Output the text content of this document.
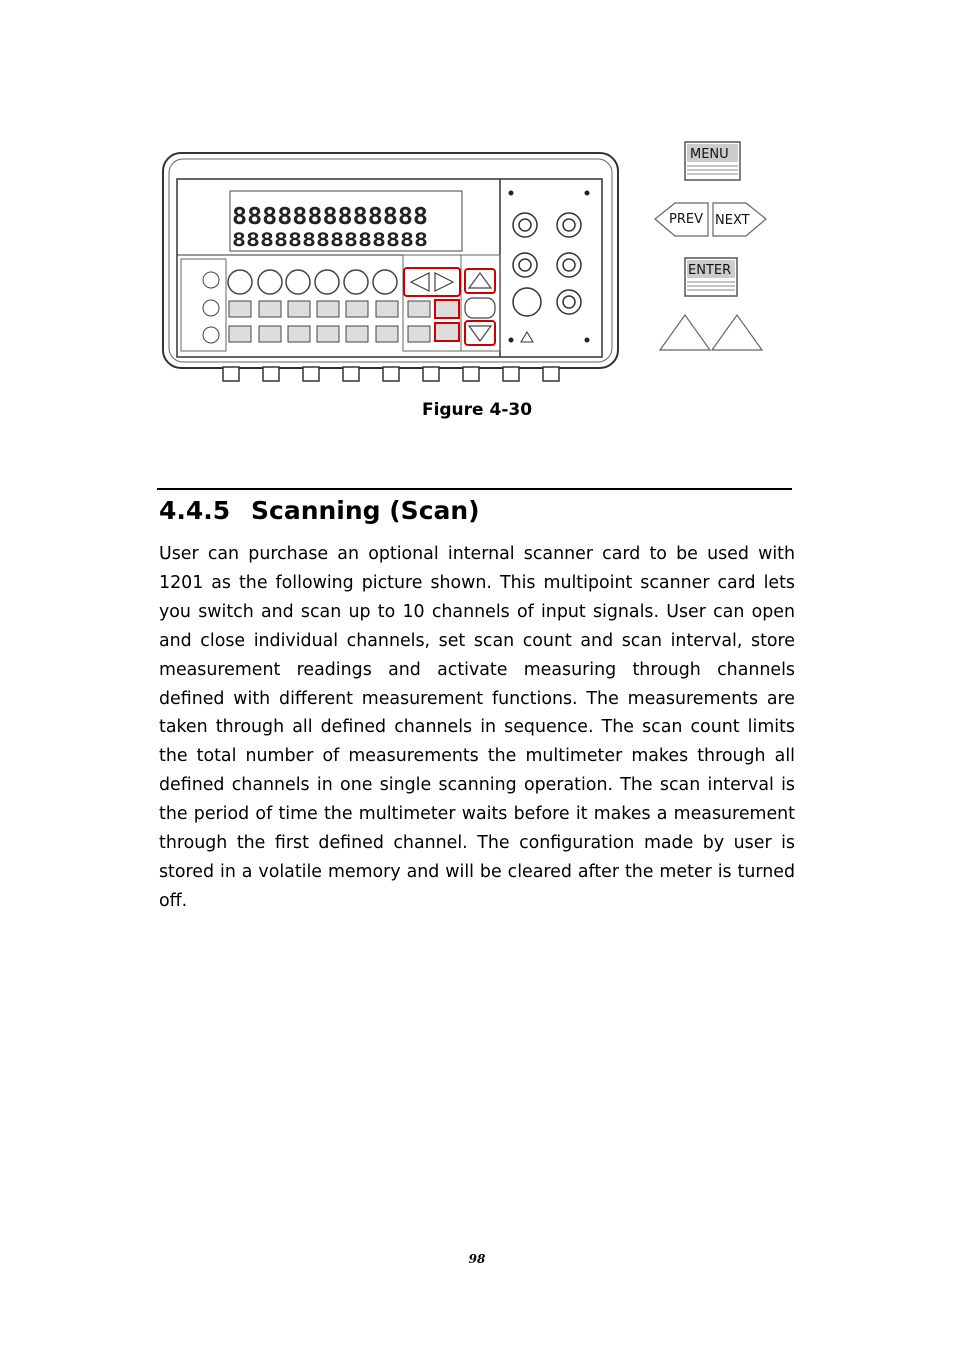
8888888888888
88888888888888
MENU
PREV NEXT
ENTER
Figure 4-30
4.4.5 Scanning (Scan)
User can purchase an optional internal scanner card to be used with 1201 as the following picture shown. This multipoint scanner card lets you switch and scan up to 10 channels of input signals. User can open and close individual channels, set scan count and scan interval, store measurement readings and activate measuring through channels defined with different measurement functions. The measurements are taken through all defined channels in sequence. The scan count limits the total number of measurements the multimeter makes through all defined channels in one single scanning operation. The scan interval is the period of time the multimeter waits before it makes a measurement through the first defined channel. The configuration made by user is stored in a volatile memory and will be cleared after the meter is turned off.
98
